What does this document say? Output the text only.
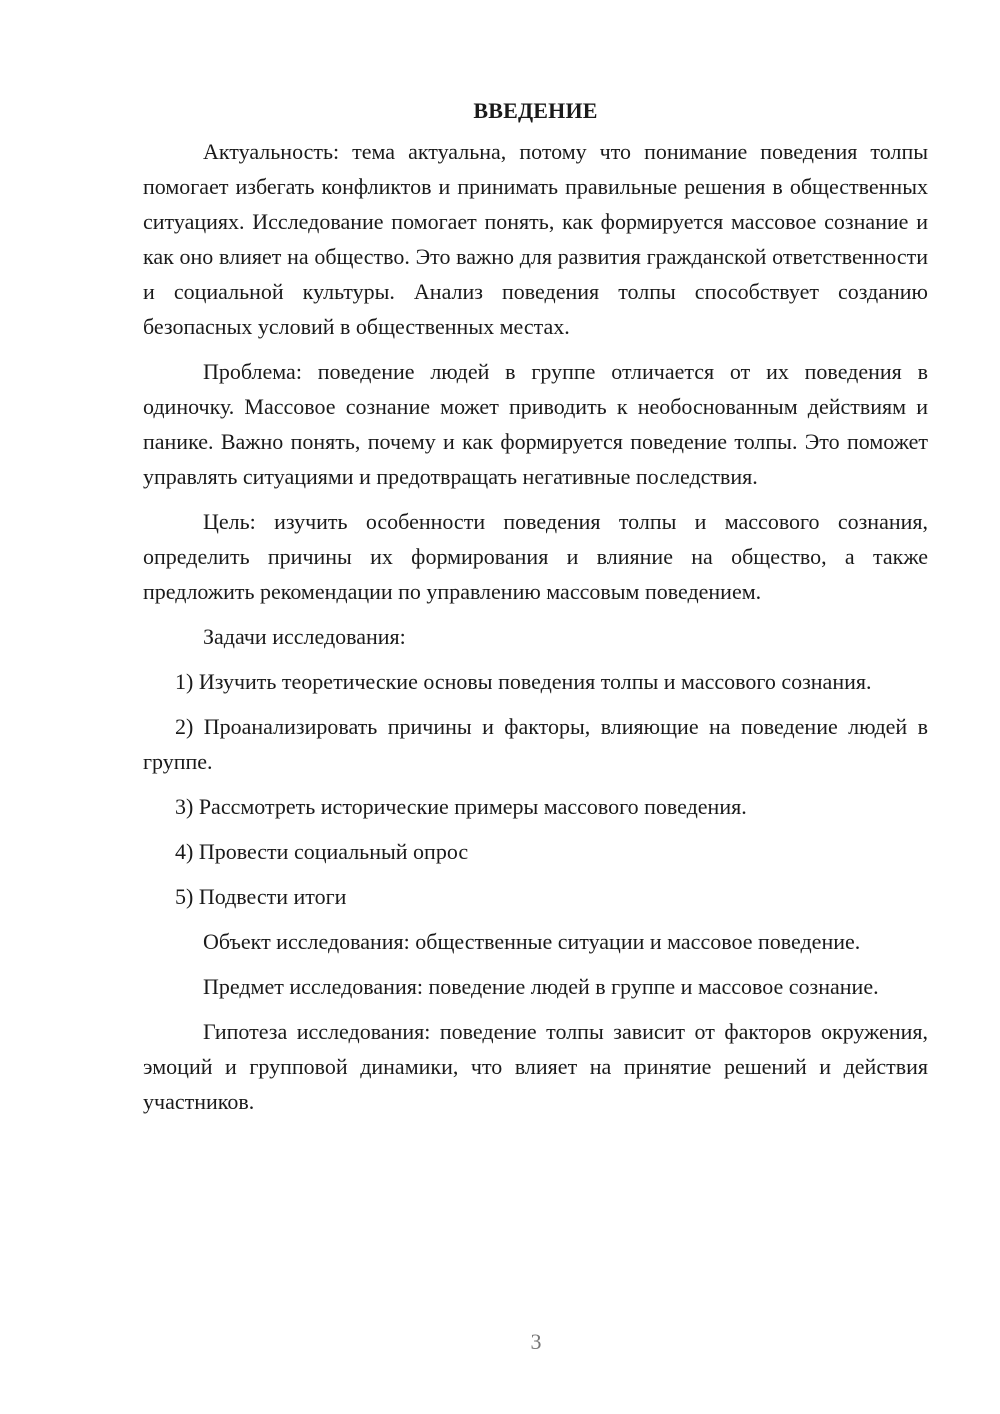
ВВЕДЕНИЕ

Актуальность: тема актуальна, потому что понимание поведения толпы помогает избегать конфликтов и принимать правильные решения в общественных ситуациях. Исследование помогает понять, как формируется массовое сознание и как оно влияет на общество. Это важно для развития гражданской ответственности и социальной культуры. Анализ поведения толпы способствует созданию безопасных условий в общественных местах.

Проблема: поведение людей в группе отличается от их поведения в одиночку. Массовое сознание может приводить к необоснованным действиям и панике. Важно понять, почему и как формируется поведение толпы. Это поможет управлять ситуациями и предотвращать негативные последствия.

Цель: изучить особенности поведения толпы и массового сознания, определить причины их формирования и влияние на общество, а также предложить рекомендации по управлению массовым поведением.

Задачи исследования:

1) Изучить теоретические основы поведения толпы и массового сознания.

2) Проанализировать причины и факторы, влияющие на поведение людей в группе.

3) Рассмотреть исторические примеры массового поведения.

4) Провести социальный опрос

5) Подвести итоги

Объект исследования: общественные ситуации и массовое поведение.

Предмет исследования: поведение людей в группе и массовое сознание.

Гипотеза исследования: поведение толпы зависит от факторов окружения, эмоций и групповой динамики, что влияет на принятие решений и действия участников.

3
